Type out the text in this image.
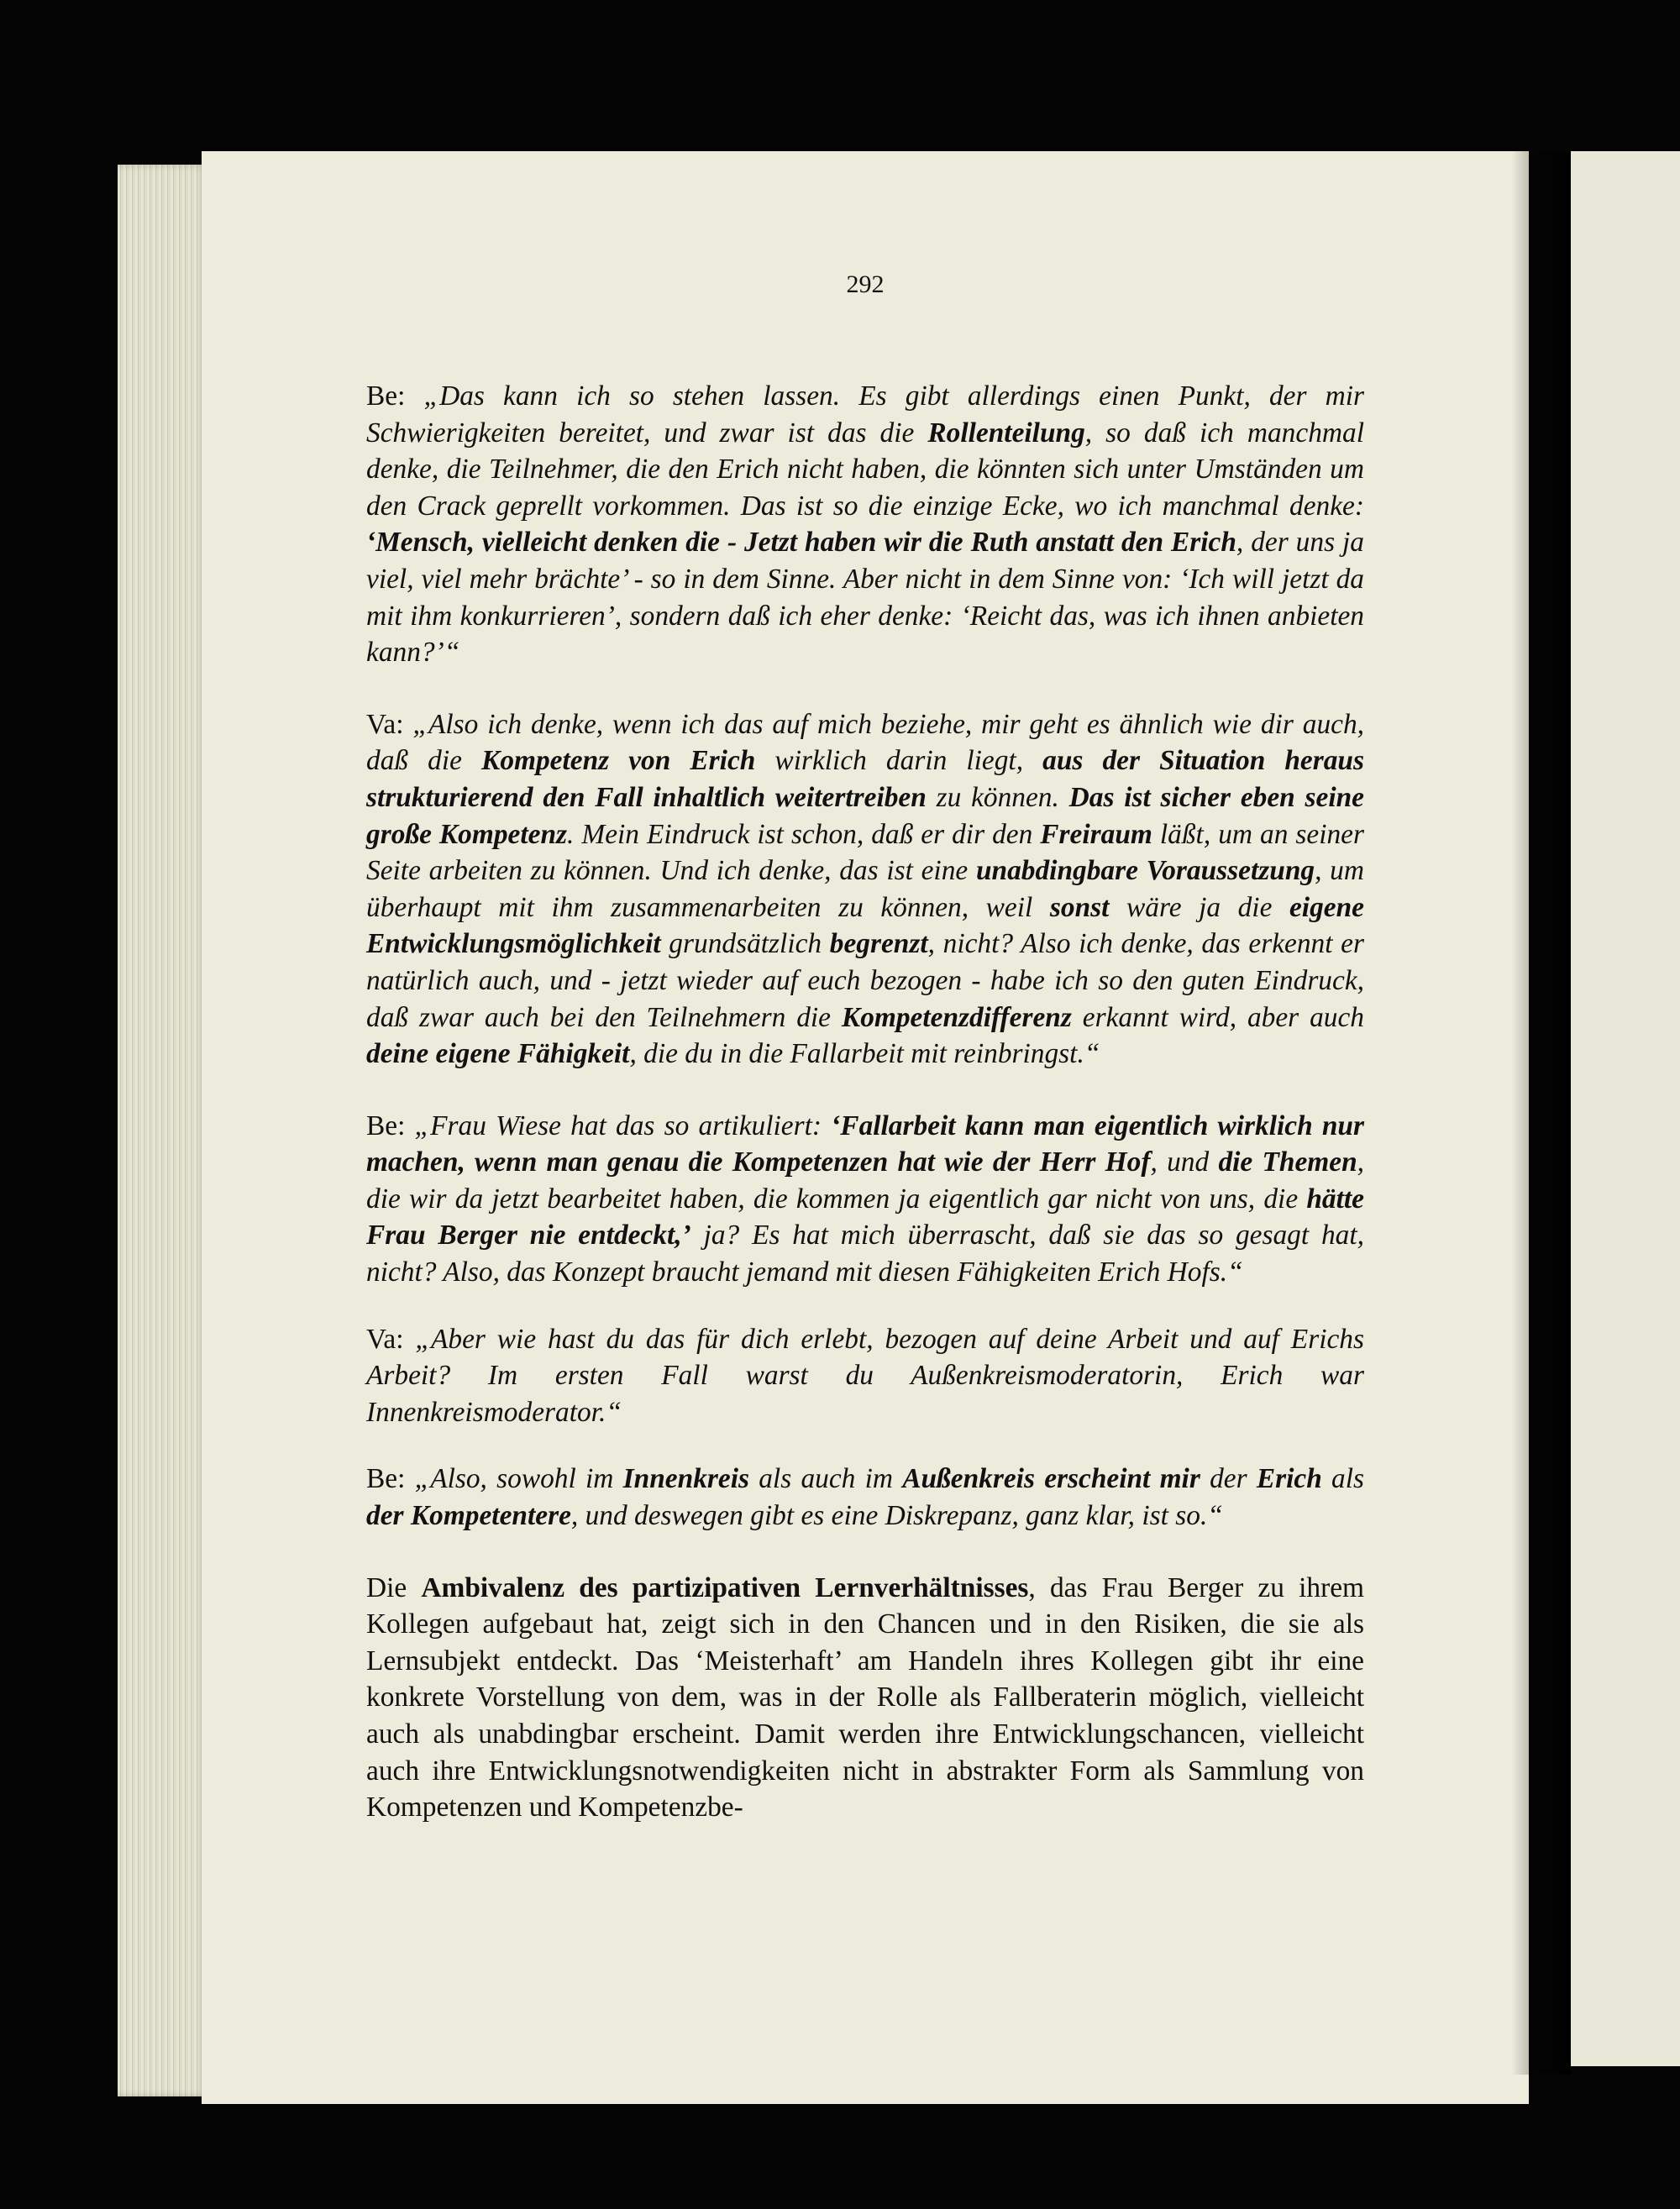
292

Be: „Das kann ich so stehen lassen. Es gibt allerdings einen Punkt, der mir Schwierigkeiten bereitet, und zwar ist das die Rollenteilung, so daß ich manchmal denke, die Teilnehmer, die den Erich nicht haben, die könnten sich unter Umständen um den Crack geprellt vorkommen. Das ist so die einzige Ecke, wo ich manchmal denke: ‘Mensch, vielleicht denken die - Jetzt haben wir die Ruth anstatt den Erich, der uns ja viel, viel mehr brächte’ - so in dem Sinne. Aber nicht in dem Sinne von: ‘Ich will jetzt da mit ihm konkurrieren’, sondern daß ich eher denke: ‘Reicht das, was ich ihnen anbieten kann?’“

Va: „Also ich denke, wenn ich das auf mich beziehe, mir geht es ähnlich wie dir auch, daß die Kompetenz von Erich wirklich darin liegt, aus der Situation heraus strukturierend den Fall inhaltlich weitertreiben zu können. Das ist sicher eben seine große Kompetenz. Mein Eindruck ist schon, daß er dir den Freiraum läßt, um an seiner Seite arbeiten zu können. Und ich denke, das ist eine unabdingbare Voraussetzung, um überhaupt mit ihm zusammenarbeiten zu können, weil sonst wäre ja die eigene Entwicklungsmöglichkeit grundsätzlich begrenzt, nicht? Also ich denke, das erkennt er natürlich auch, und - jetzt wieder auf euch bezogen - habe ich so den guten Eindruck, daß zwar auch bei den Teilnehmern die Kompetenzdifferenz erkannt wird, aber auch deine eigene Fähigkeit, die du in die Fallarbeit mit reinbringst.“

Be: „Frau Wiese hat das so artikuliert: ‘Fallarbeit kann man eigentlich wirklich nur machen, wenn man genau die Kompetenzen hat wie der Herr Hof, und die Themen, die wir da jetzt bearbeitet haben, die kommen ja eigentlich gar nicht von uns, die hätte Frau Berger nie entdeckt,’ ja? Es hat mich überrascht, daß sie das so gesagt hat, nicht? Also, das Konzept braucht jemand mit diesen Fähigkeiten Erich Hofs.“

Va: „Aber wie hast du das für dich erlebt, bezogen auf deine Arbeit und auf Erichs Arbeit? Im ersten Fall warst du Außenkreismoderatorin, Erich war Innenkreismoderator.“

Be: „Also, sowohl im Innenkreis als auch im Außenkreis erscheint mir der Erich als der Kompetentere, und deswegen gibt es eine Diskrepanz, ganz klar, ist so.“

Die Ambivalenz des partizipativen Lernverhältnisses, das Frau Berger zu ihrem Kollegen aufgebaut hat, zeigt sich in den Chancen und in den Risiken, die sie als Lernsubjekt entdeckt. Das ‘Meisterhaft’ am Handeln ihres Kollegen gibt ihr eine konkrete Vorstellung von dem, was in der Rolle als Fallberaterin möglich, vielleicht auch als unabdingbar erscheint. Damit werden ihre Entwicklungschancen, vielleicht auch ihre Entwicklungsnotwendigkeiten nicht in abstrakter Form als Sammlung von Kompetenzen und Kompetenzbe-
